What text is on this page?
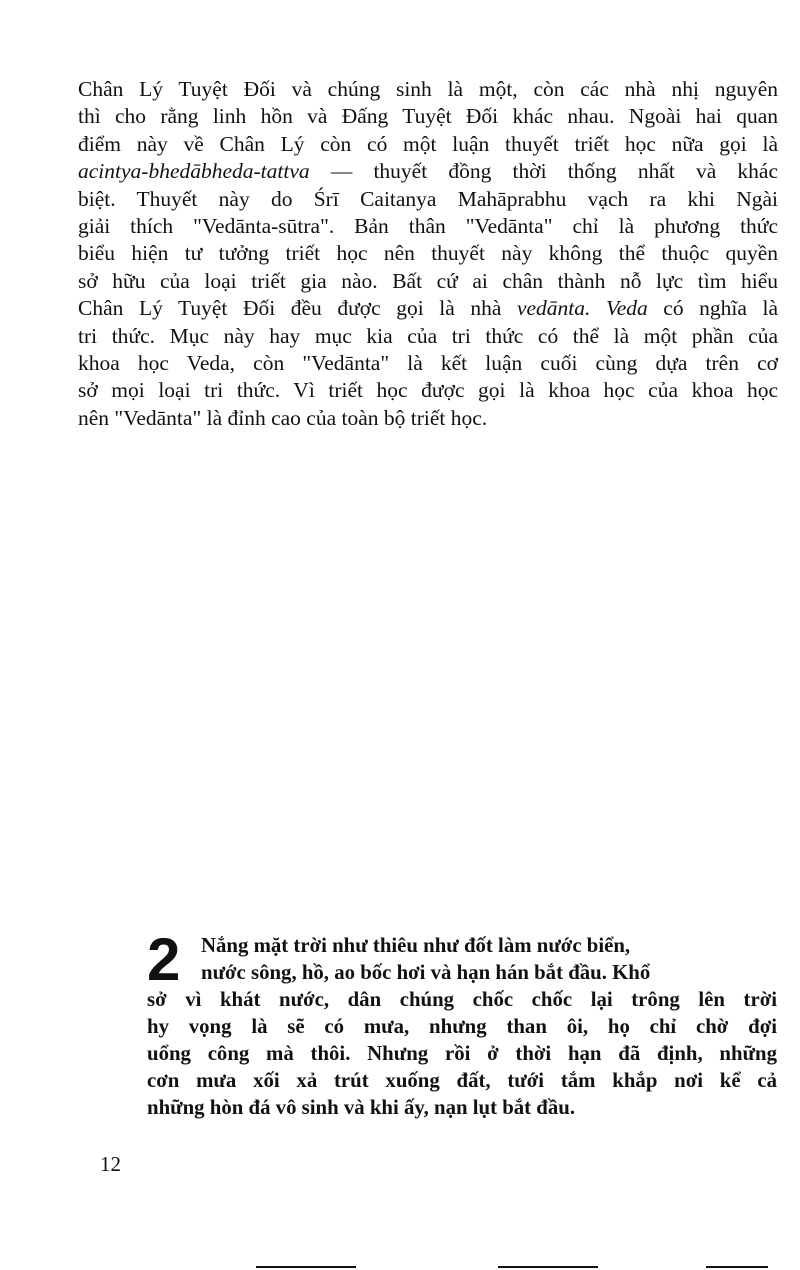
Chân Lý Tuyệt Đối và chúng sinh là một, còn các nhà nhị nguyên
thì cho rằng linh hồn và Đấng Tuyệt Đối khác nhau. Ngoài hai quan
điểm này về Chân Lý còn có một luận thuyết triết học nữa gọi là
acintya-bhedābheda-tattva — thuyết đồng thời thống nhất và khác
biệt. Thuyết này do Śrī Caitanya Mahāprabhu vạch ra khi Ngài
giải thích "Vedānta-sūtra". Bản thân "Vedānta" chỉ là phương thức
biểu hiện tư tưởng triết học nên thuyết này không thể thuộc quyền
sở hữu của loại triết gia nào. Bất cứ ai chân thành nỗ lực tìm hiểu
Chân Lý Tuyệt Đối đều được gọi là nhà vedānta. Veda có nghĩa là
tri thức. Mục này hay mục kia của tri thức có thể là một phần của
khoa học Veda, còn "Vedānta" là kết luận cuối cùng dựa trên cơ
sở mọi loại tri thức. Vì triết học được gọi là khoa học của khoa học
nên "Vedānta" là đỉnh cao của toàn bộ triết học.
2 Nắng mặt trời như thiêu như đốt làm nước biển,
nước sông, hồ, ao bốc hơi và hạn hán bắt đầu. Khổ
sở vì khát nước, dân chúng chốc chốc lại trông lên trời
hy vọng là sẽ có mưa, nhưng than ôi, họ chỉ chờ đợi
uổng công mà thôi. Nhưng rồi ở thời hạn đã định, những
cơn mưa xối xả trút xuống đất, tưới tắm khắp nơi kể cả
những hòn đá vô sinh và khi ấy, nạn lụt bắt đầu.
12
